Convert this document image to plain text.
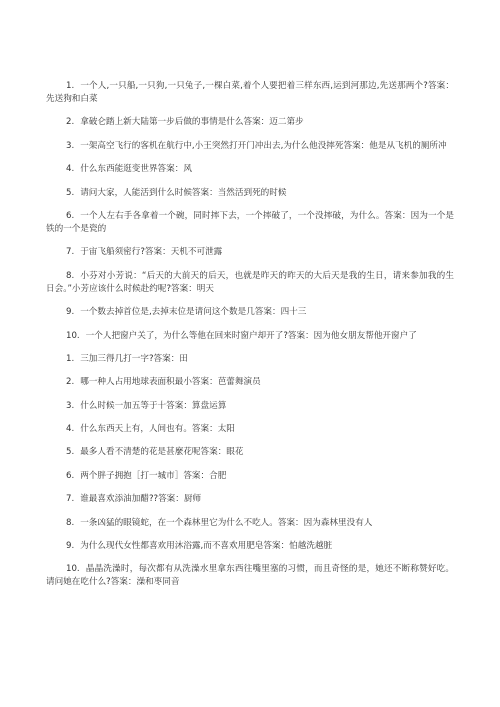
1. 一个人,一只船,一只狗,一只兔子,一棵白菜,着个人要把着三样东西,运到河那边,先送那两个?答案：先送狗和白菜

2. 拿破仑踏上新大陆第一步后做的事情是什么答案：迈二第步

3. 一架高空飞行的客机在航行中,小王突然打开门冲出去,为什么他没摔死答案：他是从飞机的厕所冲

4. 什么东西能逛变世界答案：风

5. 请问大家，人能活到什么时候答案：当然活到死的时候

6. 一个人左右手各拿着一个碗，同时摔下去，一个摔破了，一个没摔破，为什么。答案：因为一个是铁的一个是瓷的

7. 于宙飞船须密行?答案：天机不可泄露

8. 小芬对小芳说：“后天的大前天的后天，也就是昨天的昨天的大后天是我的生日，请来参加我的生日会。”小芳应该什么时候赴约呢?答案：明天

9. 一个数去掉首位是,去掉末位是请问这个数是几答案：四十三

10. 一个人把窗户关了，为什么等他在回来时窗户却开了?答案：因为他女朋友帮他开窗户了

1. 三加三得几打一字?答案：田

2. 哪一种人占用地球表面积最小答案：芭蕾舞演员

3. 什么时候一加五等于十答案：算盘运算

4. 什么东西天上有，人间也有。答案：太阳

5. 最多人看不清楚的花是甚麼花呢答案：眼花

6. 两个胖子拥抱［打一城市］答案：合肥

7. 谁最喜欢添油加醋??答案：厨师

8. 一条凶猛的眼镜蛇，在一个森林里它为什么不吃人。答案：因为森林里没有人

9. 为什么现代女性都喜欢用沐浴露,而不喜欢用肥皂答案：怕越洗越脏

10. 晶晶洗澡时，每次都有从洗澡水里拿东西往嘴里塞的习惯，而且奇怪的是，她还不断称赞好吃。请问她在吃什么?答案：澡和枣同音
